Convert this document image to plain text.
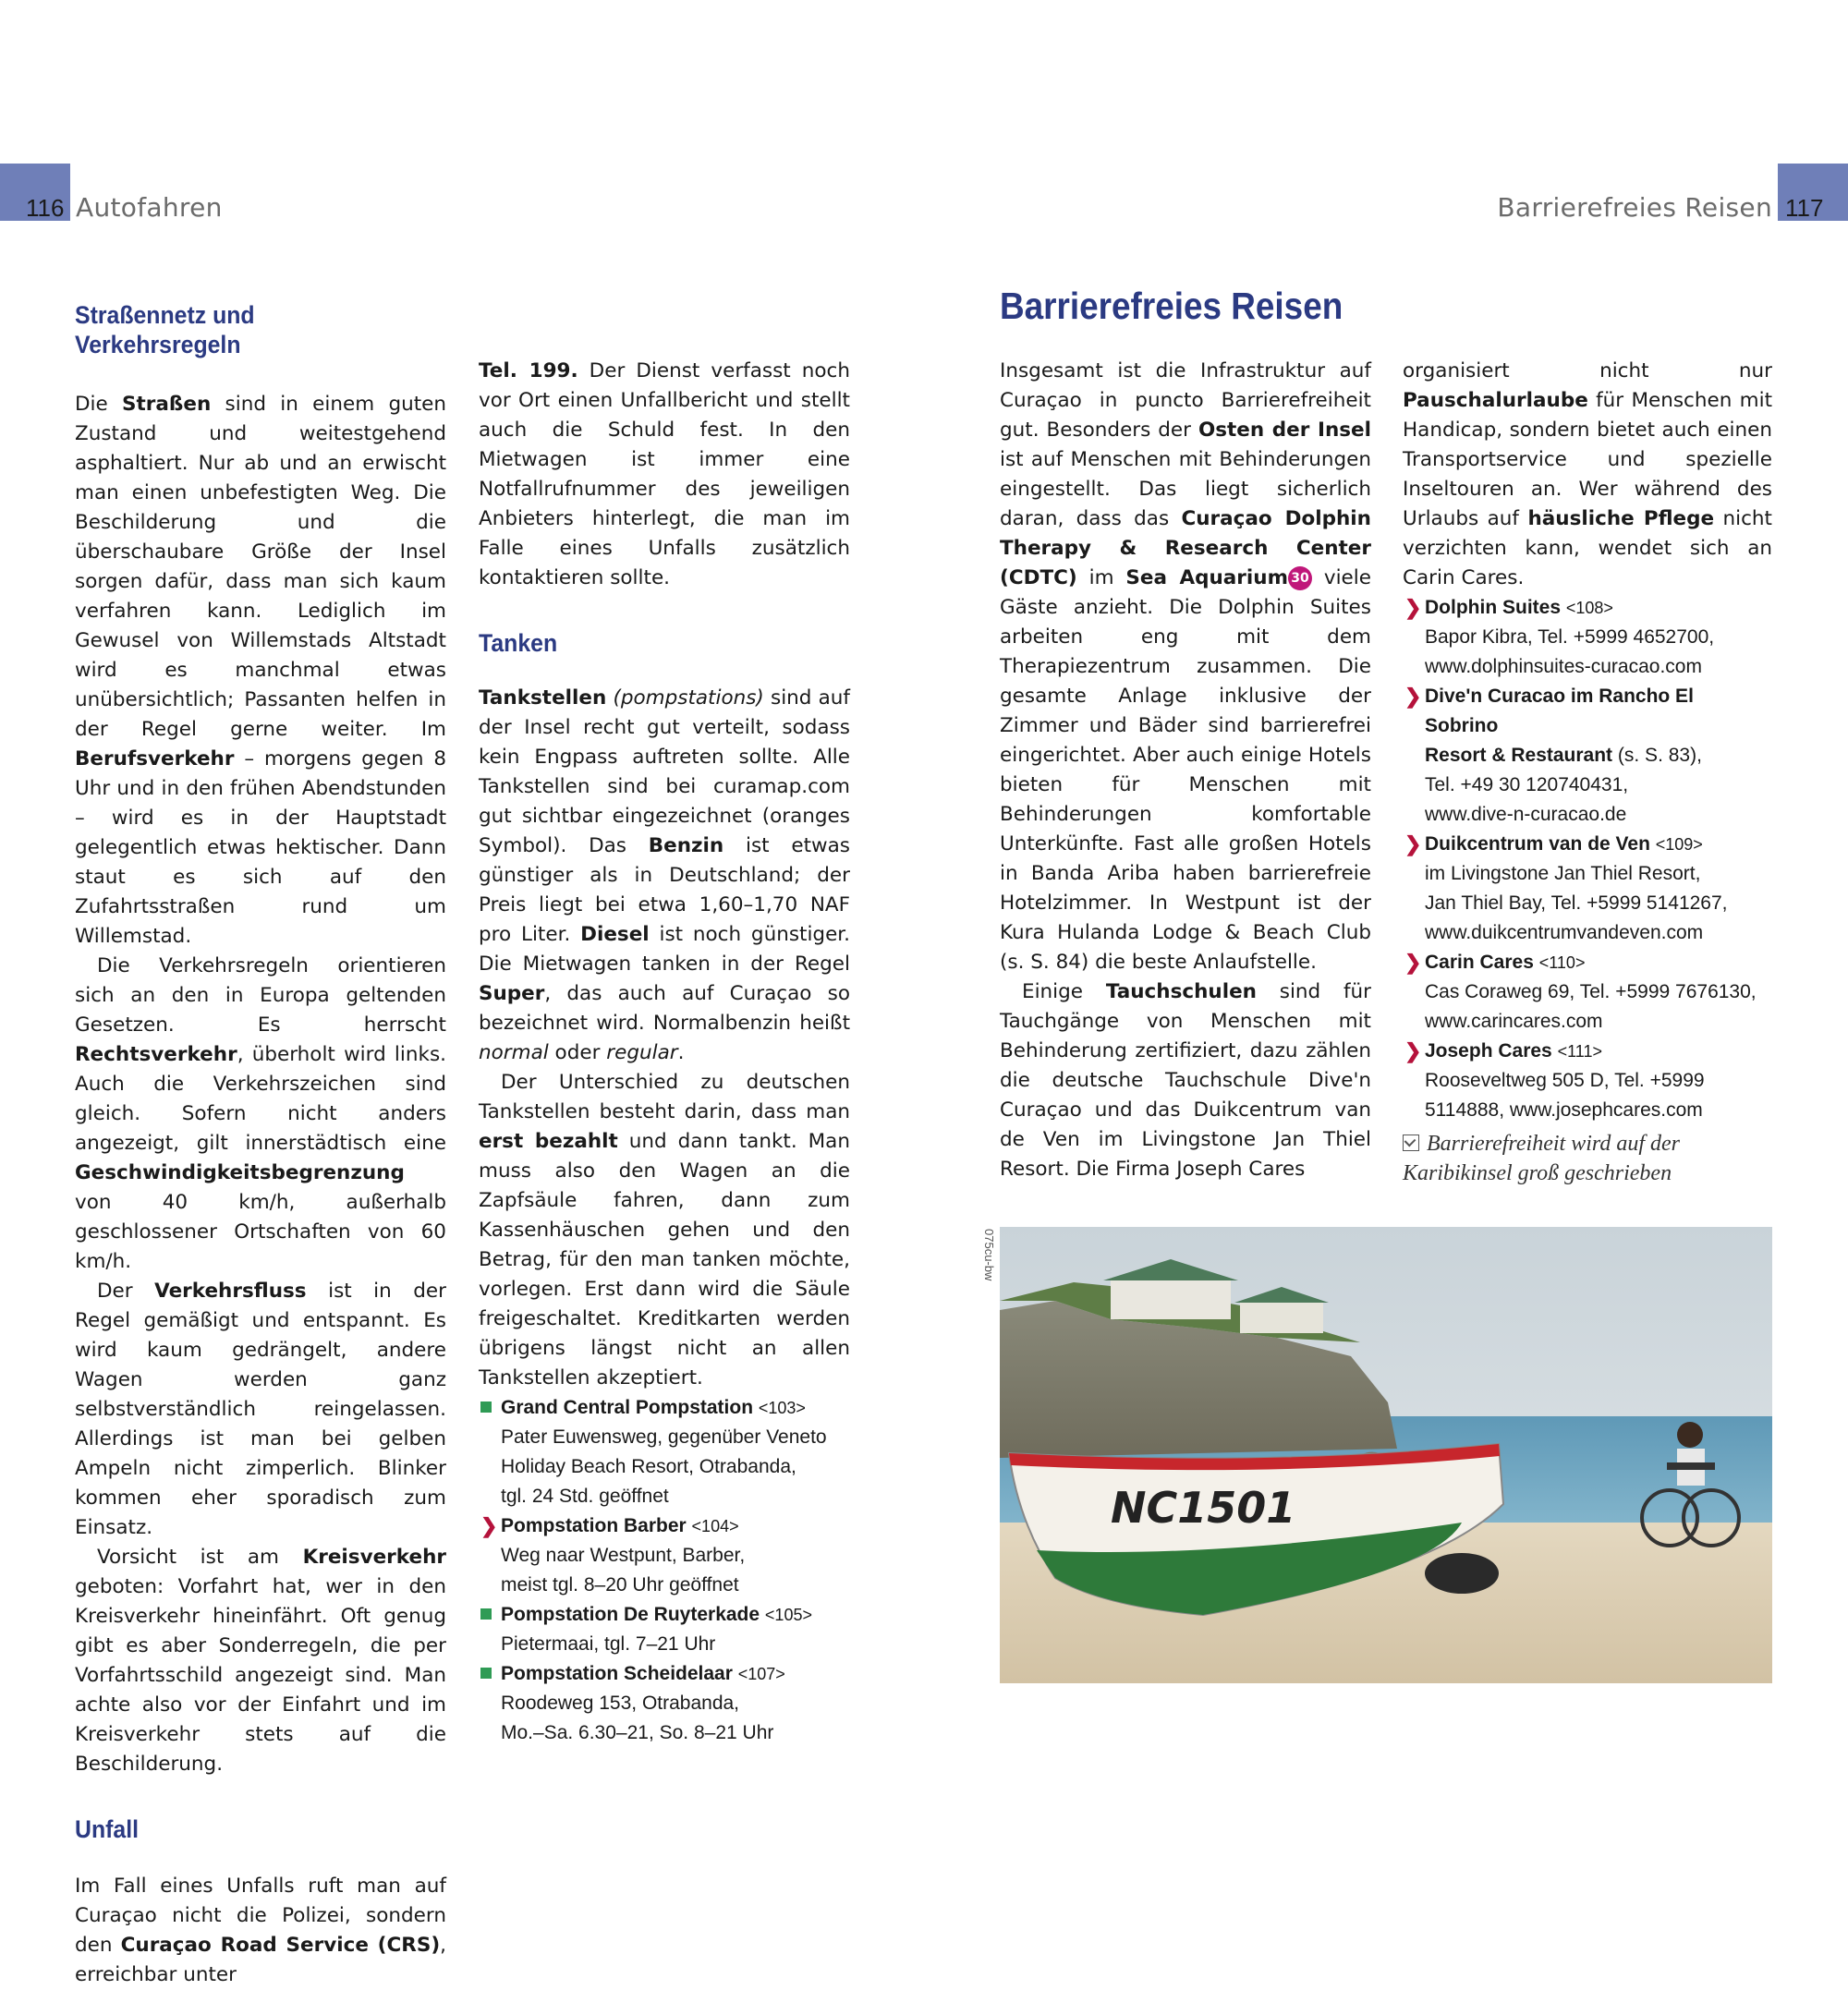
116	117
Autofahren	Barrierefreies Reisen
Straßennetz und Verkehrsregeln

Die Straßen sind in einem guten Zustand und weitestgehend asphaltiert. Nur ab und an erwischt man einen unbefestigten Weg. Die Beschilderung und die überschaubare Größe der Insel sorgen dafür, dass man sich kaum verfahren kann. Lediglich im Gewusel von Willemstads Altstadt wird es manchmal etwas unübersichtlich; Passanten helfen in der Regel gerne weiter. Im Berufsverkehr – morgens gegen 8 Uhr und in den frühen Abendstunden – wird es in der Hauptstadt gelegentlich etwas hektischer. Dann staut es sich auf den Zufahrtsstraßen rund um Willemstad.

Die Verkehrsregeln orientieren sich an den in Europa geltenden Gesetzen. Es herrscht Rechtsverkehr, überholt wird links. Auch die Verkehrszeichen sind gleich. Sofern nicht anders angezeigt, gilt innerstädtisch eine Geschwindigkeitsbegrenzung von 40 km/h, außerhalb geschlossener Ortschaften von 60 km/h.

Der Verkehrsfluss ist in der Regel gemäßigt und entspannt. Es wird kaum gedrängelt, andere Wagen werden ganz selbstverständlich reingelassen. Allerdings ist man bei gelben Ampeln nicht zimperlich. Blinker kommen eher sporadisch zum Einsatz.

Vorsicht ist am Kreisverkehr geboten: Vorfahrt hat, wer in den Kreisverkehr hineinfährt. Oft genug gibt es aber Sonderregeln, die per Vorfahrtsschild angezeigt sind. Man achte also vor der Einfahrt und im Kreisverkehr stets auf die Beschilderung.

Unfall

Im Fall eines Unfalls ruft man auf Curaçao nicht die Polizei, sondern den Curaçao Road Service (CRS), erreichbar unter

Tel. 199. Der Dienst verfasst noch vor Ort einen Unfallbericht und stellt auch die Schuld fest. In den Mietwagen ist immer eine Notfallrufnummer des jeweiligen Anbieters hinterlegt, die man im Falle eines Unfalls zusätzlich kontaktieren sollte.

Tanken

Tankstellen (pompstations) sind auf der Insel recht gut verteilt, sodass kein Engpass auftreten sollte. Alle Tankstellen sind bei curamap.com gut sichtbar eingezeichnet (oranges Symbol). Das Benzin ist etwas günstiger als in Deutschland; der Preis liegt bei etwa 1,60–1,70 NAF pro Liter. Diesel ist noch günstiger. Die Mietwagen tanken in der Regel Super, das auch auf Curaçao so bezeichnet wird. Normalbenzin heißt normal oder regular.

Der Unterschied zu deutschen Tankstellen besteht darin, dass man erst bezahlt und dann tankt. Man muss also den Wagen an die Zapfsäule fahren, dann zum Kassenhäuschen gehen und den Betrag, für den man tanken möchte, vorlegen. Erst dann wird die Säule freigeschaltet. Kreditkarten werden übrigens längst nicht an allen Tankstellen akzeptiert.

Grand Central Pompstation <103>
Pater Euwensweg, gegenüber Veneto
Holiday Beach Resort, Otrabanda,
tgl. 24 Std. geöffnet
❯ Pompstation Barber <104>
Weg naar Westpunt, Barber,
meist tgl. 8–20 Uhr geöffnet
Pompstation De Ruyterkade <105>
Pietermaai, tgl. 7–21 Uhr
Pompstation Scheidelaar <107>
Roodeweg 153, Otrabanda,
Mo.–Sa. 6.30–21, So. 8–21 Uhr
Barrierefreies Reisen

Insgesamt ist die Infrastruktur auf Curaçao in puncto Barrierefreiheit gut. Besonders der Osten der Insel ist auf Menschen mit Behinderungen eingestellt. Das liegt sicherlich daran, dass das Curaçao Dolphin Therapy & Research Center (CDTC) im Sea Aquarium 30 viele Gäste anzieht. Die Dolphin Suites arbeiten eng mit dem Therapiezentrum zusammen. Die gesamte Anlage inklusive der Zimmer und Bäder sind barrierefrei eingerichtet. Aber auch einige Hotels bieten für Menschen mit Behinderungen komfortable Unterkünfte. Fast alle großen Hotels in Banda Ariba haben barrierefreie Hotelzimmer. In Westpunt ist der Kura Hulanda Lodge & Beach Club (s. S. 84) die beste Anlaufstelle.

Einige Tauchschulen sind für Tauchgänge von Menschen mit Behinderung zertifiziert, dazu zählen die deutsche Tauchschule Dive'n Curaçao und das Duikcentrum van de Ven im Livingstone Jan Thiel Resort. Die Firma Joseph Cares

organisiert nicht nur Pauschalurlaube für Menschen mit Handicap, sondern bietet auch einen Transportservice und spezielle Inseltouren an. Wer während des Urlaubs auf häusliche Pflege nicht verzichten kann, wendet sich an Carin Cares.

❯ Dolphin Suites <108>
Bapor Kibra, Tel. +5999 4652700,
www.dolphinsuites-curacao.com
❯ Dive'n Curacao im Rancho El Sobrino
Resort & Restaurant (s. S. 83),
Tel. +49 30 120740431,
www.dive-n-curacao.de
❯ Duikcentrum van de Ven <109>
im Livingstone Jan Thiel Resort,
Jan Thiel Bay, Tel. +5999 5141267,
www.duikcentrumvandeven.com
❯ Carin Cares <110>
Cas Coraweg 69, Tel. +5999 7676130,
www.carincares.com
❯ Joseph Cares <111>
Rooseveltweg 505 D, Tel. +5999
5114888, www.josephcares.com
Barrierefreiheit wird auf der
Karibikinsel groß geschrieben
075cu-bw
NC1501
